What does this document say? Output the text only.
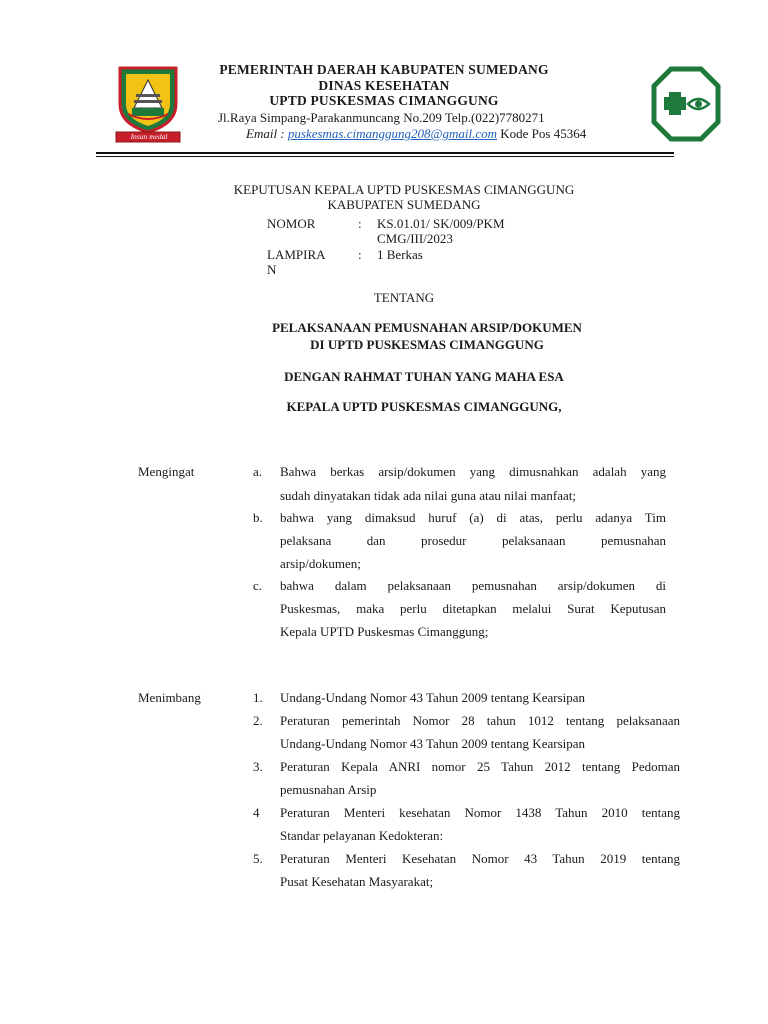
Insun medal
PEMERINTAH DAERAH KABUPATEN SUMEDANG
DINAS KESEHATAN
UPTD PUSKESMAS CIMANGGUNG
Jl.Raya Simpang-Parakanmuncang No.209 Telp.(022)7780271
Email : puskesmas.cimanggung208@gmail.com Kode Pos 45364
KEPUTUSAN KEPALA UPTD PUSKESMAS CIMANGGUNG
KABUPATEN SUMEDANG
NOMOR	: KS.01.01/ SK/009/PKM
CMG/III/2023
LAMPIRA
N
: 1 Berkas
TENTANG
PELAKSANAAN PEMUSNAHAN ARSIP/DOKUMEN
DI UPTD PUSKESMAS CIMANGGUNG
DENGAN RAHMAT TUHAN YANG MAHA ESA
KEPALA UPTD PUSKESMAS CIMANGGUNG,
Mengingat	a. Bahwa berkas arsip/dokumen yang dimusnahkan adalah yang
sudah dinyatakan tidak ada nilai guna atau nilai manfaat;
b. bahwa yang dimaksud huruf (a) di atas, perlu adanya Tim
pelaksana dan prosedur pelaksanaan pemusnahan
arsip/dokumen;
c. bahwa dalam pelaksanaan pemusnahan arsip/dokumen di
Puskesmas, maka perlu ditetapkan melalui Surat Keputusan
Kepala UPTD Puskesmas Cimanggung;
Menimbang	1. Undang-Undang Nomor 43 Tahun 2009 tentang Kearsipan
2. Peraturan pemerintah Nomor 28 tahun 1012 tentang pelaksanaan
Undang-Undang Nomor 43 Tahun 2009 tentang Kearsipan
3. Peraturan Kepala ANRI nomor 25 Tahun 2012 tentang Pedoman
pemusnahan Arsip
4 Peraturan Menteri kesehatan Nomor 1438 Tahun 2010 tentang
Standar pelayanan Kedokteran:
5. Peraturan Menteri Kesehatan Nomor 43 Tahun 2019 tentang
Pusat Kesehatan Masyarakat;
